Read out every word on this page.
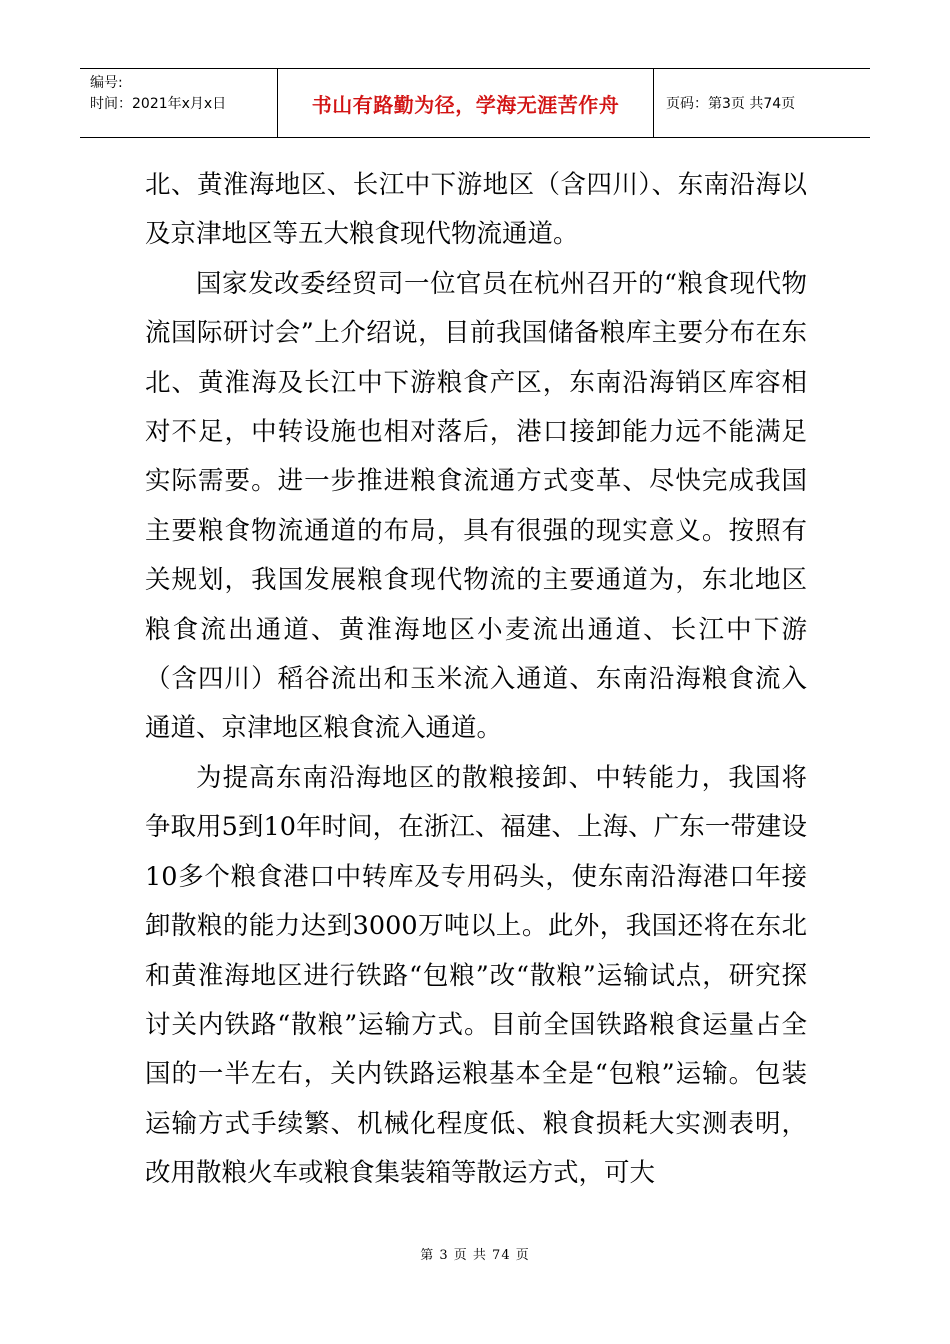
编号:
时间：2021年x月x日	书山有路勤为径，学海无涯苦作舟	页码：第3页 共74页

北、黄淮海地区、长江中下游地区（含四川）、东南沿海以及京津地区等五大粮食现代物流通道。

国家发改委经贸司一位官员在杭州召开的“粮食现代物流国际研讨会”上介绍说，目前我国储备粮库主要分布在东北、黄淮海及长江中下游粮食产区，东南沿海销区库容相对不足，中转设施也相对落后，港口接卸能力远不能满足实际需要。进一步推进粮食流通方式变革、尽快完成我国主要粮食物流通道的布局，具有很强的现实意义。按照有关规划，我国发展粮食现代物流的主要通道为，东北地区粮食流出通道、黄淮海地区小麦流出通道、长江中下游（含四川）稻谷流出和玉米流入通道、东南沿海粮食流入通道、京津地区粮食流入通道。

为提高东南沿海地区的散粮接卸、中转能力，我国将争取用5到10年时间，在浙江、福建、上海、广东一带建设10多个粮食港口中转库及专用码头，使东南沿海港口年接卸散粮的能力达到3000万吨以上。此外，我国还将在东北和黄淮海地区进行铁路“包粮”改“散粮”运输试点，研究探讨关内铁路“散粮”运输方式。目前全国铁路粮食运量占全国的一半左右，关内铁路运粮基本全是“包粮”运输。包装运输方式手续繁、机械化程度低、粮食损耗大实测表明，改用散粮火车或粮食集装箱等散运方式，可大

第 3 页 共 74 页
